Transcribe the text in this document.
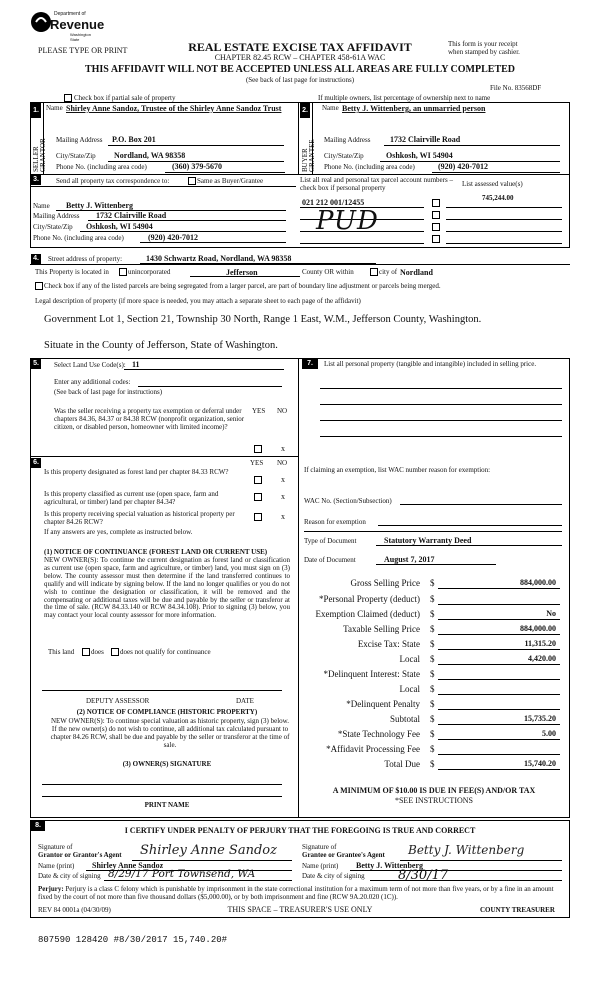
Department of
Revenue
Washington State
PLEASE TYPE OR PRINT	REAL ESTATE EXCISE TAX AFFIDAVIT
CHAPTER 82.45 RCW – CHAPTER 458-61A WAC
This form is your receipt
when stamped by cashier.
THIS AFFIDAVIT WILL NOT BE ACCEPTED UNLESS ALL AREAS ARE FULLY COMPLETED
(See back of last page for instructions)
File No. 83568DF
Check box if partial sale of property	If multiple owners, list percentage of ownership next to name
1.
SELLER GRANTOR
Name Shirley Anne Sandoz, Trustee of the Shirley Anne Sandoz Trust
Mailing Address P.O. Box 201
City/State/Zip Nordland, WA 98358
Phone No. (including area code)	(360) 379-5670
2.
BUYER GRANTEE
Name Betty J. Wittenberg, an unmarried person
Mailing Address 1732 Clairville Road
City/State/Zip	Oshkosh, WI 54904
Phone No. (including area code)	(920) 420-7012
3. Send all property tax correspondence to:	Same as Buyer/Grantee	List all real and personal tax parcel account numbers – check box if personal property	List assessed value(s)
745,244.00
021 212 001/12455
PUD
Name Betty J. Wittenberg
Mailing Address 1732 Clairville Road
City/State/Zip Oshkosh, WI 54904
Phone No. (including area code)	(920) 420-7012
4. Street address of property:	1430 Schwartz Road, Nordland, WA 98358
This Property is located in	unincorporated	Jefferson	County OR within	city of Nordland
Check box if any of the listed parcels are being segregated from a larger parcel, are part of boundary line adjustment or parcels being merged.
Legal description of property (if more space is needed, you may attach a separate sheet to each page of the affidavit)
Government Lot 1, Section 21, Township 30 North, Range 1 East, W.M., Jefferson County, Washington.
Situate in the County of Jefferson, State of Washington.
5. Select Land Use Code(s): 11
Enter any additional codes:
(See back of last page for instructions)
Was the seller receiving a property tax exemption or deferral under chapters 84.36, 84.37 or 84.38 RCW (nonprofit organization, senior citizen, or disabled person, homeowner with limited income)?
YES NO
x
6.	YES NO
Is this property designated as forest land per chapter 84.33 RCW?
x
Is this property classified as current use (open space, farm and agricultural, or timber) land per chapter 84.34?
x
Is this property receiving special valuation as historical property per chapter 84.26 RCW?
x
If any answers are yes, complete as instructed below.
(1) NOTICE OF CONTINUANCE (FOREST LAND OR CURRENT USE)
NEW OWNER(S): To continue the current designation as forest land or classification as current use (open space, farm and agriculture, or timber) land, you must sign on (3) below. The county assessor must then determine if the land transferred continues to qualify and will indicate by signing below. If the land no longer qualifies or you do not wish to continue the designation or classification, it will be removed and the compensating or additional taxes will be due and payable by the seller or transferor at the time of sale. (RCW 84.33.140 or RCW 84.34.108). Prior to signing (3) below, you may contact your local county assessor for more information.
This land does does not qualify for continuance
DEPUTY ASSESSOR	DATE
(2) NOTICE OF COMPLIANCE (HISTORIC PROPERTY)
NEW OWNER(S): To continue special valuation as historic property, sign (3) below. If the new owner(s) do not wish to continue, all additional tax calculated pursuant to chapter 84.26 RCW, shall be due and payable by the seller or transferor at the time of sale.
(3) OWNER(S) SIGNATURE
PRINT NAME
7.	List all personal property (tangible and intangible) included in selling price.
If claiming an exemption, list WAC number reason for exemption:
WAC No. (Section/Subsection)
Reason for exemption
Type of Document	Statutory Warranty Deed
Date of Document	August 7, 2017
Gross Selling Price $	884,000.00
*Personal Property (deduct) $
Exemption Claimed (deduct) $	No
Taxable Selling Price $	884,000.00
Excise Tax: State $	11,315.20
Local $	4,420.00
*Delinquent Interest: State $
Local $
*Delinquent Penalty $
Subtotal $	15,735.20
*State Technology Fee $	5.00
*Affidavit Processing Fee $
Total Due $	15,740.20
A MINIMUM OF $10.00 IS DUE IN FEE(S) AND/OR TAX
*SEE INSTRUCTIONS
8.
I CERTIFY UNDER PENALTY OF PERJURY THAT THE FOREGOING IS TRUE AND CORRECT
Signature of
Grantor or Grantor's Agent Shirley Anne Sandoz
Name (print) Shirley Anne Sandoz
Date & city of signing 8/29/17 Port Townsend, WA
Signature of
Grantee or Grantee's Agent Betty J. Wittenberg
Name (print) Betty J. Wittenberg
Date & city of signing	8/30/17
Perjury: Perjury is a class C felony which is punishable by imprisonment in the state correctional institution for a maximum term of not more than five years, or by a fine in an amount fixed by the court of not more than five thousand dollars ($5,000.00), or by both imprisonment and fine (RCW 9A.20.020 (1C)).
REV 84 0001a (04/30/09)	THIS SPACE – TREASURER'S USE ONLY	COUNTY TREASURER
807590 128420 #8/30/2017 15,740.20#
